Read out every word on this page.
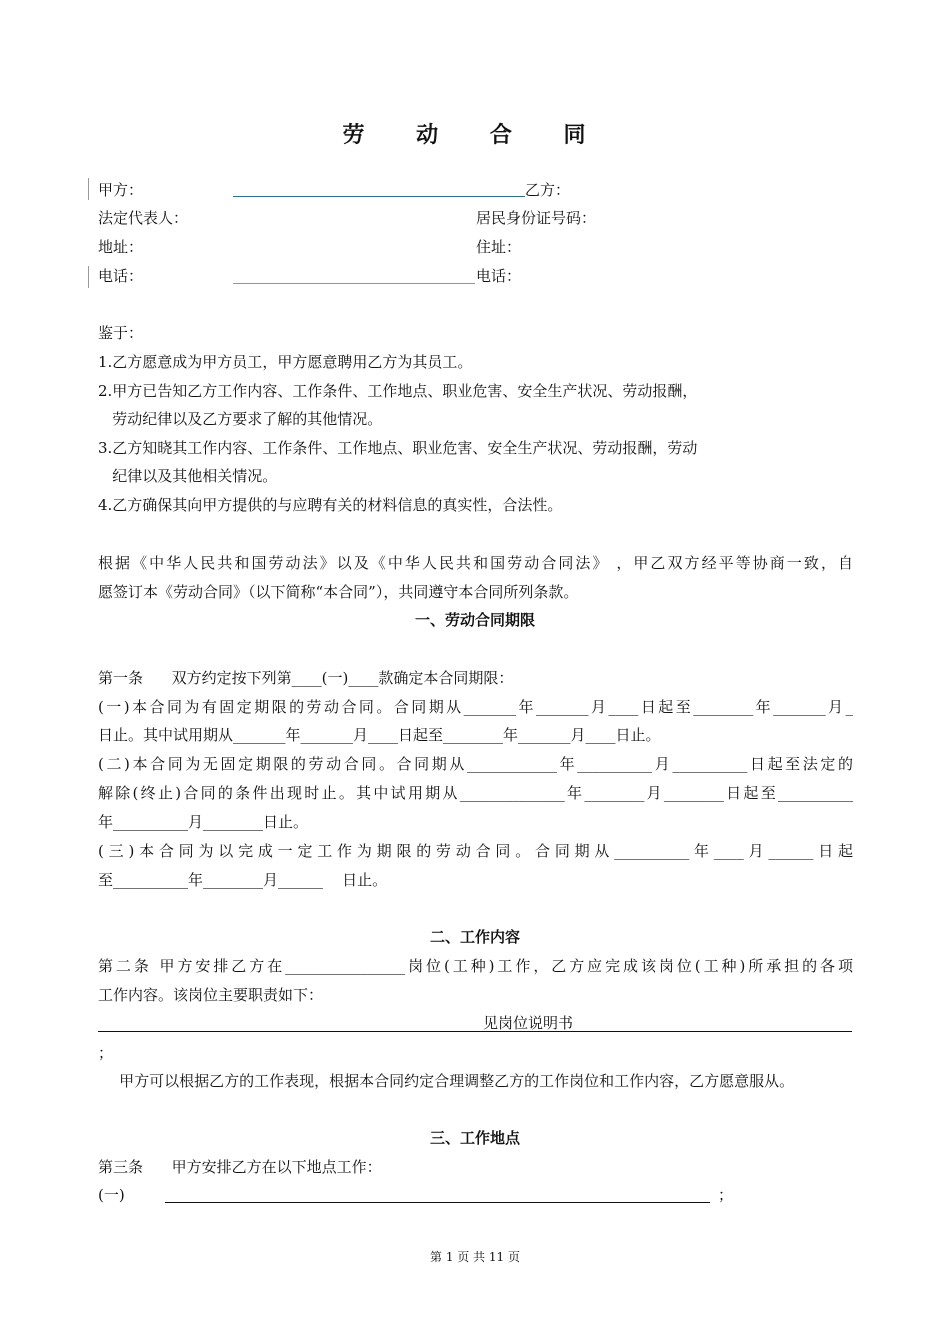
劳 动 合 同
甲方：	乙方：
法定代表人：	居民身份证号码：
地址：	住址：
电话：	电话：
鉴于：
1.乙方愿意成为甲方员工，甲方愿意聘用乙方为其员工。
2.甲方已告知乙方工作内容、工作条件、工作地点、职业危害、安全生产状况、劳动报酬，
劳动纪律以及乙方要求了解的其他情况。
3.乙方知晓其工作内容、工作条件、工作地点、职业危害、安全生产状况、劳动报酬，劳动
纪律以及其他相关情况。
4.乙方确保其向甲方提供的与应聘有关的材料信息的真实性，合法性。
根据《中华人民共和国劳动法》以及《中华人民共和国劳动合同法》 ，甲乙双方经平等协商一致，自
愿签订本《劳动合同》（以下简称“本合同”），共同遵守本合同所列条款。
一、劳动合同期限
第一条      双方约定按下列第____(一)____款确定本合同期限：
(一)本合同为有固定期限的劳动合同。合同期从_______年_______月____日起至________年_______月_
日止。其中试用期从_______年_______月____日起至________年_______月____日止。
(二)本合同为无固定期限的劳动合同。合同期从____________年__________月__________日起至法定的
解除(终止)合同的条件出现时止。其中试用期从______________年________月________日起至__________
年__________月________日止。
(三)本合同为以完成一定工作为期限的劳动合同。合同期从__________年____月______日起
至__________年________月______    日止。
二、工作内容
第二条 甲方安排乙方在________________岗位(工种)工作，乙方应完成该岗位(工种)所承担的各项
工作内容。该岗位主要职责如下：
见岗位说明书
；
甲方可以根据乙方的工作表现，根据本合同约定合理调整乙方的工作岗位和工作内容，乙方愿意服从。
三、工作地点
第三条      甲方安排乙方在以下地点工作：
(一)	；
第 1 页 共 11 页
